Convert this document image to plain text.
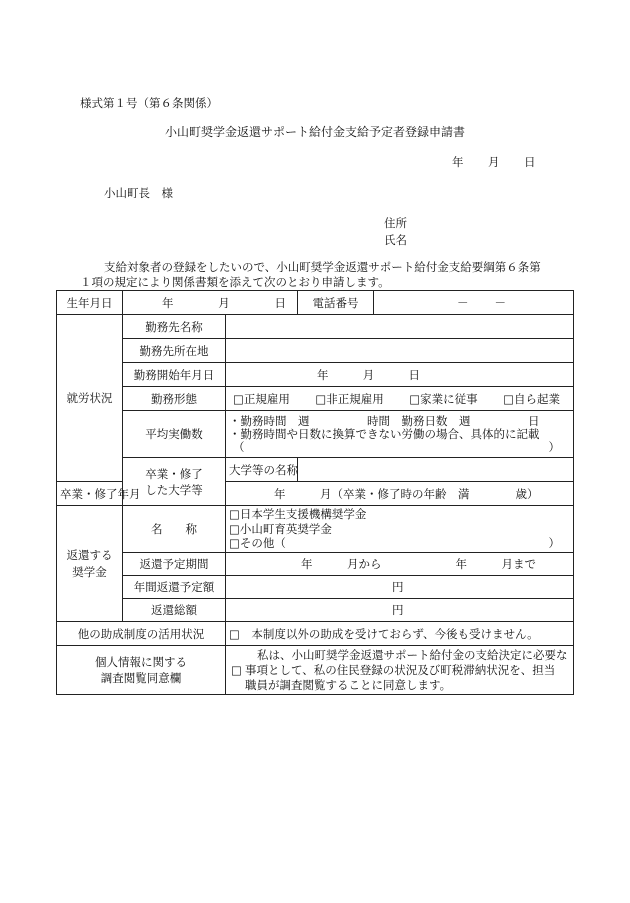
様式第１号（第６条関係）
小山町奨学金返還サポート給付金支給予定者登録申請書
年 月 日
小山町長　様
住所
氏名
支給対象者の登録をしたいので、小山町奨学金返還サポート給付金支給要綱第６条第
１項の規定により関係書類を添えて次のとおり申請します。
生年月日	年 月 日		電話番号	－ －

就労状況	勤務先名称			
	勤務先所在地			
	勤務開始年月日	年 月 日		

	勤務形態	□正規雇用 □非正規雇用 □家業に従事 □自ら起業		

	平均実働数	・勤務時間　週　　　　　時間　勤務日数　週　　　　　日
・勤務時間や日数に換算できない労働の場合、具体的に記載
（ ）		

	卒業・修了
した大学等	大学等の名称		
卒業・修了年月		年　　　月（卒業・修了時の年齢　満　　　　歳）		

返還する
奨学金	名　　称	□日本学生支援機構奨学金
□小山町育英奨学金
□その他（ ）		

	返還予定期間	年　　　月から 年　　　月まで		

	年間返還予定額	円		
	返還総額	円		
他の助成制度の活用状況		□　本制度以外の助成を受けておらず、今後も受けません。		

個人情報に関する
調査閲覧同意欄		□
私は、小山町奨学金返還サポート給付金の支給決定に必要な
事項として、私の住民登録の状況及び町税滞納状況を、担当
職員が調査閲覧することに同意します。		
